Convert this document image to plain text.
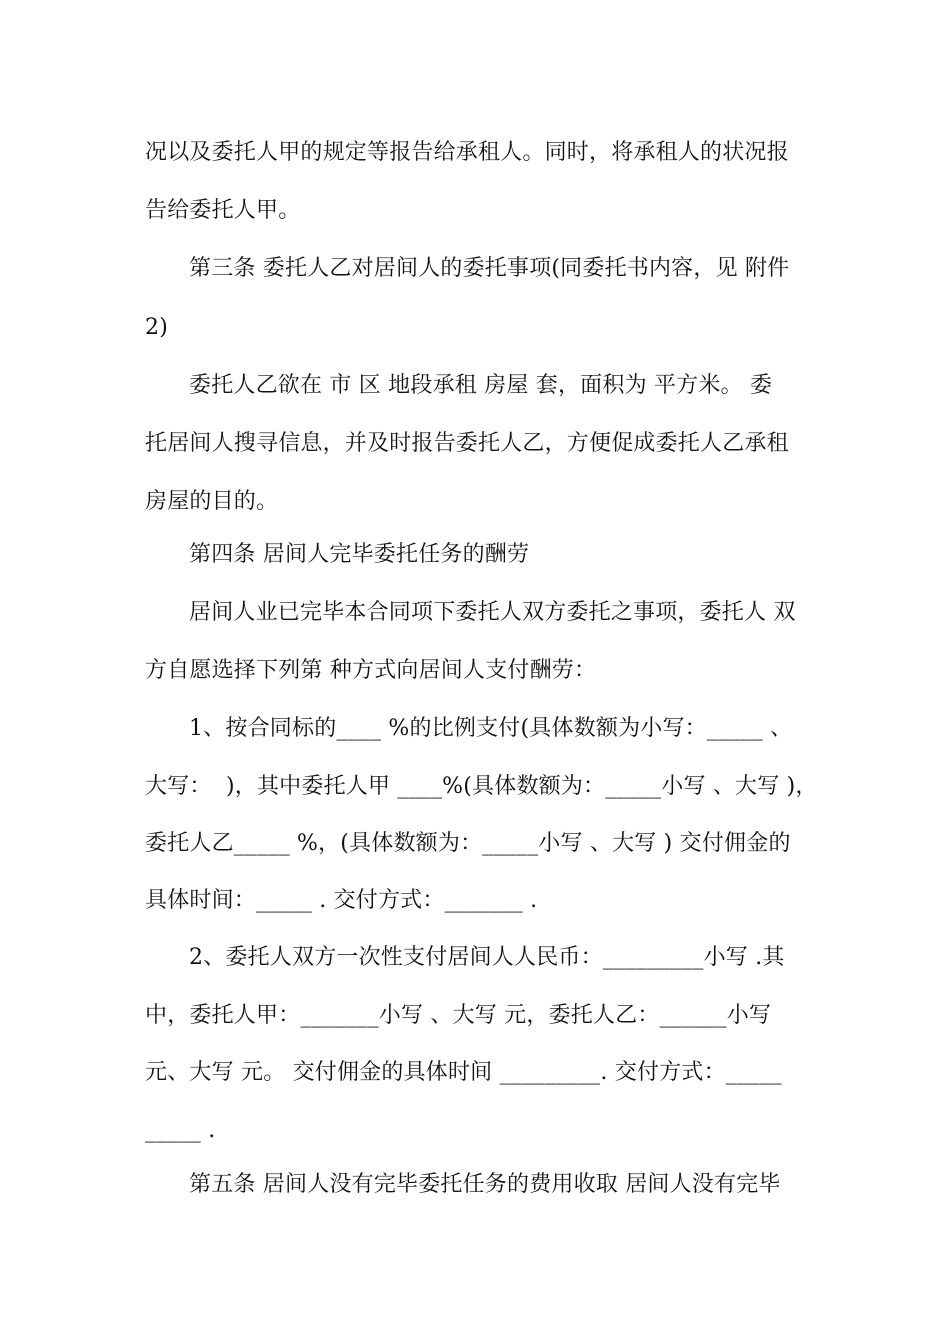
况以及委托人甲的规定等报告给承租人。同时，将承租人的状况报
告给委托人甲。
第三条 委托人乙对居间人的委托事项(同委托书内容，见 附件
2)
委托人乙欲在 市 区 地段承租 房屋 套，面积为 平方米。 委
托居间人搜寻信息，并及时报告委托人乙，方便促成委托人乙承租
房屋的目的。
第四条 居间人完毕委托任务的酬劳
居间人业已完毕本合同项下委托人双方委托之事项，委托人 双
方自愿选择下列第 种方式向居间人支付酬劳：
1、按合同标的____ %的比例支付(具体数额为小写：_____ 、
大写：  )，其中委托人甲 ____%(具体数额为：_____小写 、大写 )，
委托人乙_____ %，(具体数额为：_____小写 、大写 ) 交付佣金的
具体时间：_____ . 交付方式：_______ .
2、委托人双方一次性支付居间人人民币：_________小写 .其
中，委托人甲：_______小写 、大写 元，委托人乙：______小写
元、大写 元。 交付佣金的具体时间 _________. 交付方式：_____
_____ .
第五条 居间人没有完毕委托任务的费用收取 居间人没有完毕
